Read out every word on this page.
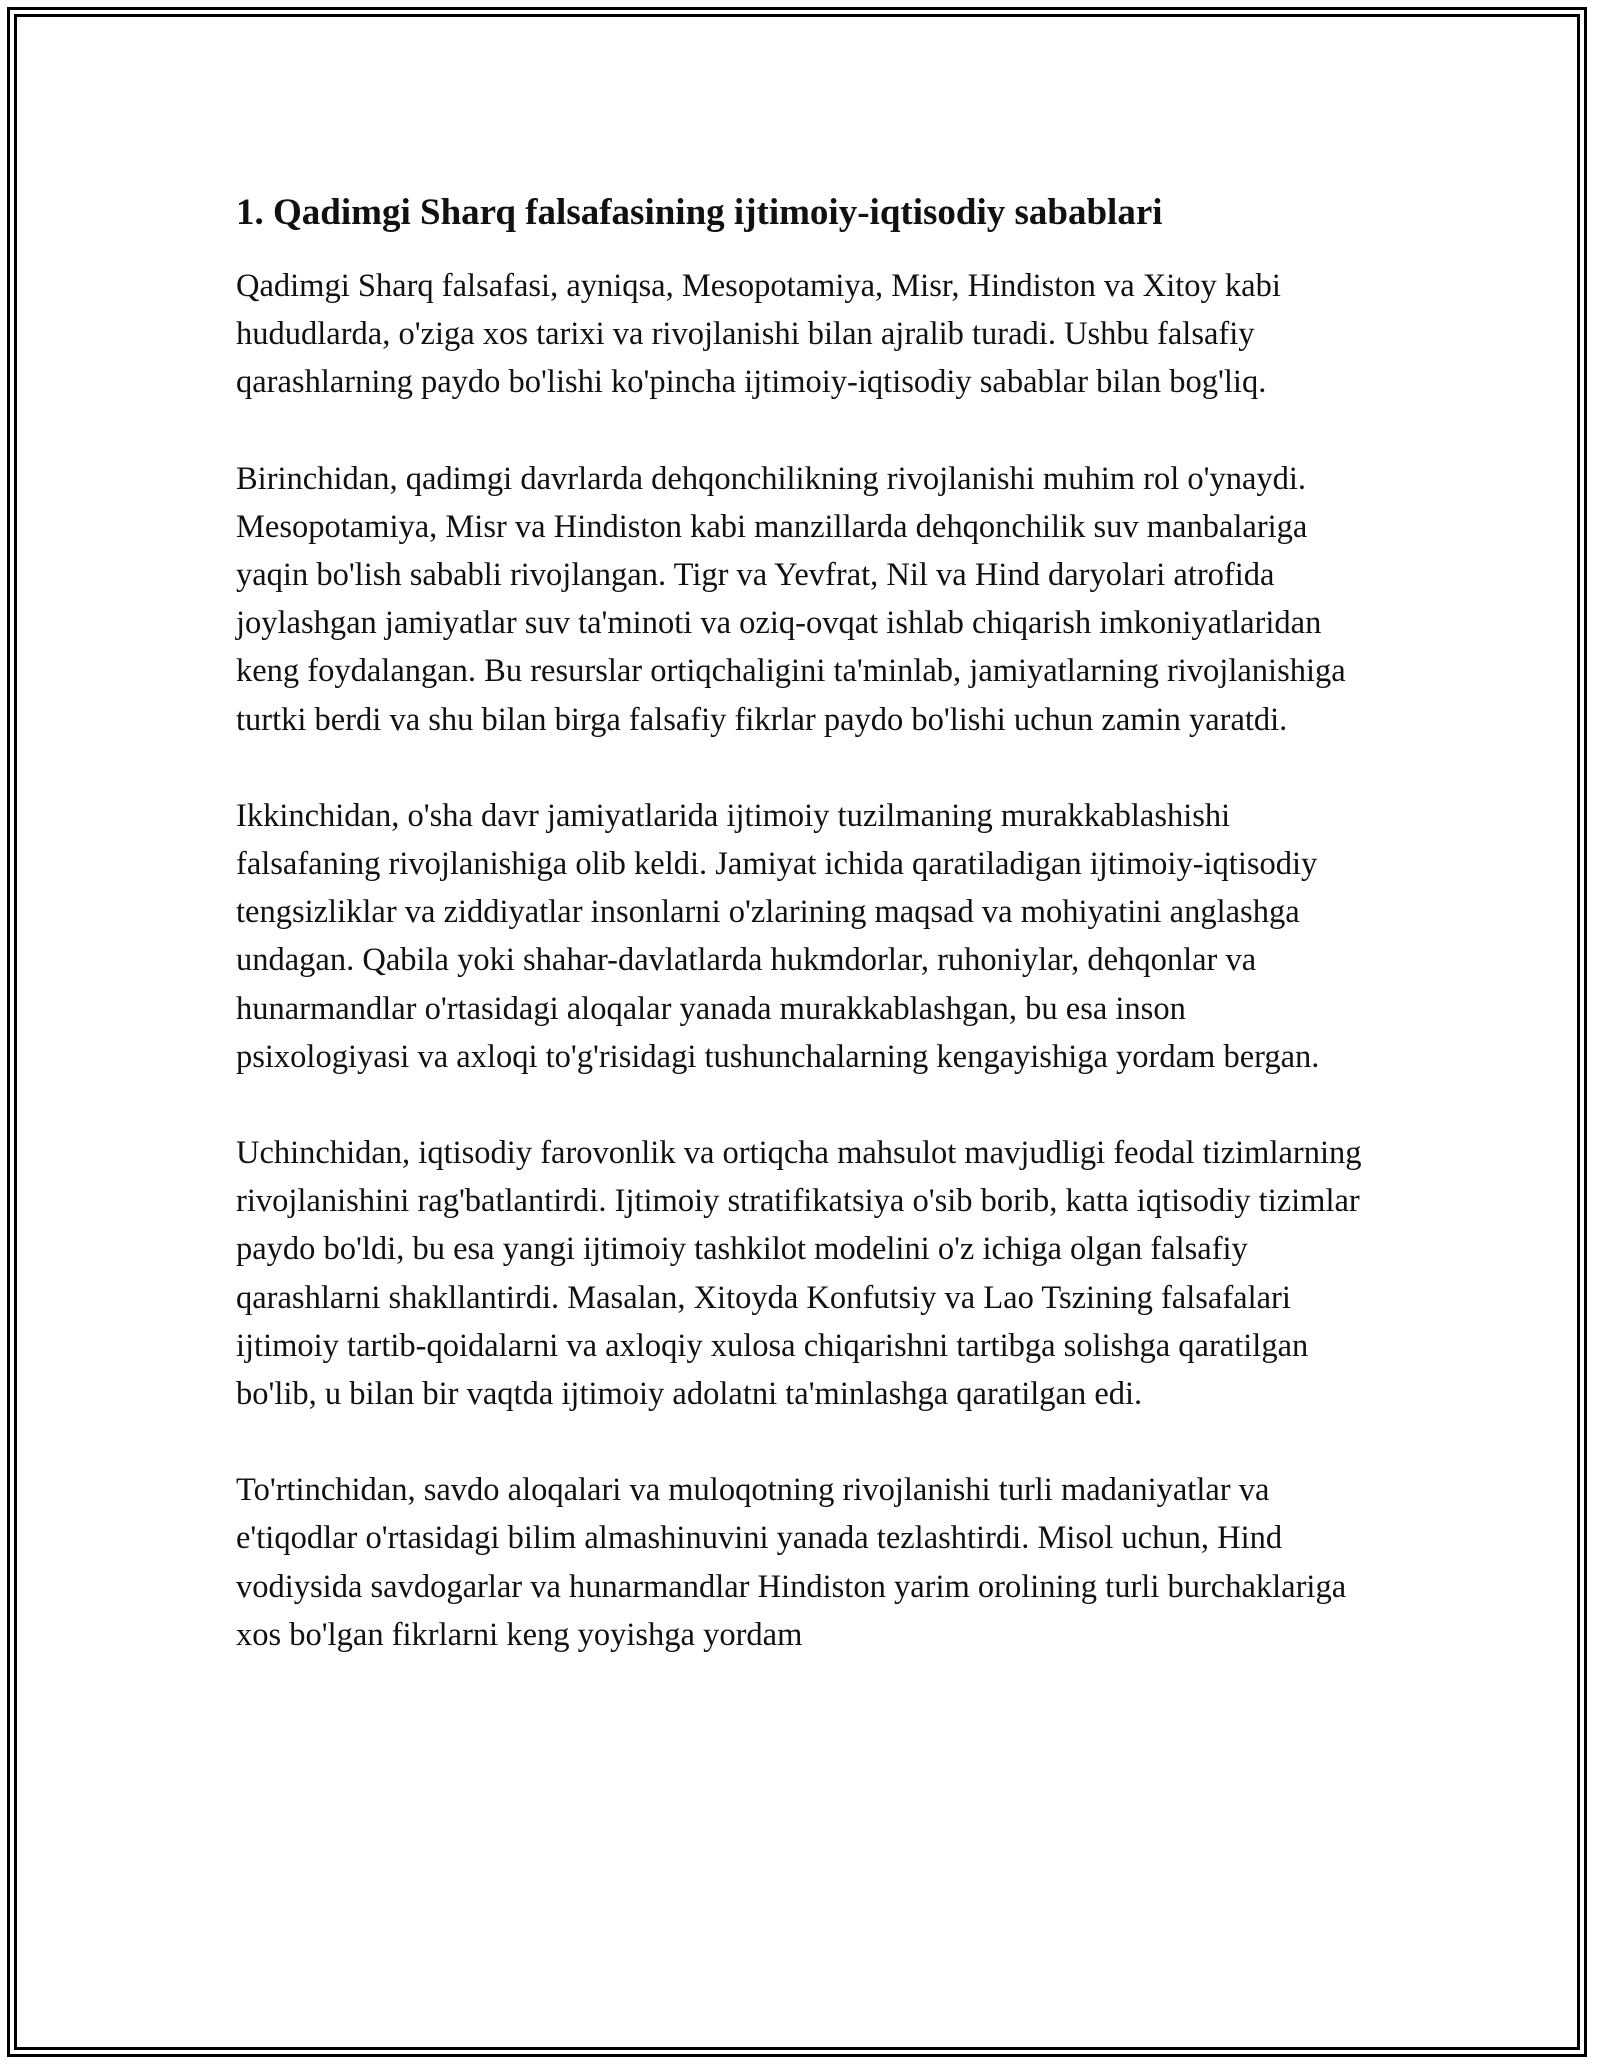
1. Qadimgi Sharq falsafasining ijtimoiy-iqtisodiy sabablari

Qadimgi Sharq falsafasi, ayniqsa, Mesopotamiya, Misr, Hindiston va Xitoy kabi hududlarda, o'ziga xos tarixi va rivojlanishi bilan ajralib turadi. Ushbu falsafiy qarashlarning paydo bo'lishi ko'pincha ijtimoiy-iqtisodiy sabablar bilan bog'liq.

Birinchidan, qadimgi davrlarda dehqonchilikning rivojlanishi muhim rol o'ynaydi. Mesopotamiya, Misr va Hindiston kabi manzillarda dehqonchilik suv manbalariga yaqin bo'lish sababli rivojlangan. Tigr va Yevfrat, Nil va Hind daryolari atrofida joylashgan jamiyatlar suv ta'minoti va oziq-ovqat ishlab chiqarish imkoniyatlaridan keng foydalangan. Bu resurslar ortiqchaligini ta'minlab, jamiyatlarning rivojlanishiga turtki berdi va shu bilan birga falsafiy fikrlar paydo bo'lishi uchun zamin yaratdi.

Ikkinchidan, o'sha davr jamiyatlarida ijtimoiy tuzilmaning murakkablashishi falsafaning rivojlanishiga olib keldi. Jamiyat ichida qaratiladigan ijtimoiy-iqtisodiy tengsizliklar va ziddiyatlar insonlarni o'zlarining maqsad va mohiyatini anglashga undagan. Qabila yoki shahar-davlatlarda hukmdorlar, ruhoniylar, dehqonlar va hunarmandlar o'rtasidagi aloqalar yanada murakkablashgan, bu esa inson psixologiyasi va axloqi to'g'risidagi tushunchalarning kengayishiga yordam bergan.

Uchinchidan, iqtisodiy farovonlik va ortiqcha mahsulot mavjudligi feodal tizimlarning rivojlanishini rag'batlantirdi. Ijtimoiy stratifikatsiya o'sib borib, katta iqtisodiy tizimlar paydo bo'ldi, bu esa yangi ijtimoiy tashkilot modelini o'z ichiga olgan falsafiy qarashlarni shakllantirdi. Masalan, Xitoyda Konfutsiy va Lao Tszining falsafalari ijtimoiy tartib-qoidalarni va axloqiy xulosa chiqarishni tartibga solishga qaratilgan bo'lib, u bilan bir vaqtda ijtimoiy adolatni ta'minlashga qaratilgan edi.

To'rtinchidan, savdo aloqalari va muloqotning rivojlanishi turli madaniyatlar va e'tiqodlar o'rtasidagi bilim almashinuvini yanada tezlashtirdi. Misol uchun, Hind vodiysida savdogarlar va hunarmandlar Hindiston yarim orolining turli burchaklariga xos bo'lgan fikrlarni keng yoyishga yordam
